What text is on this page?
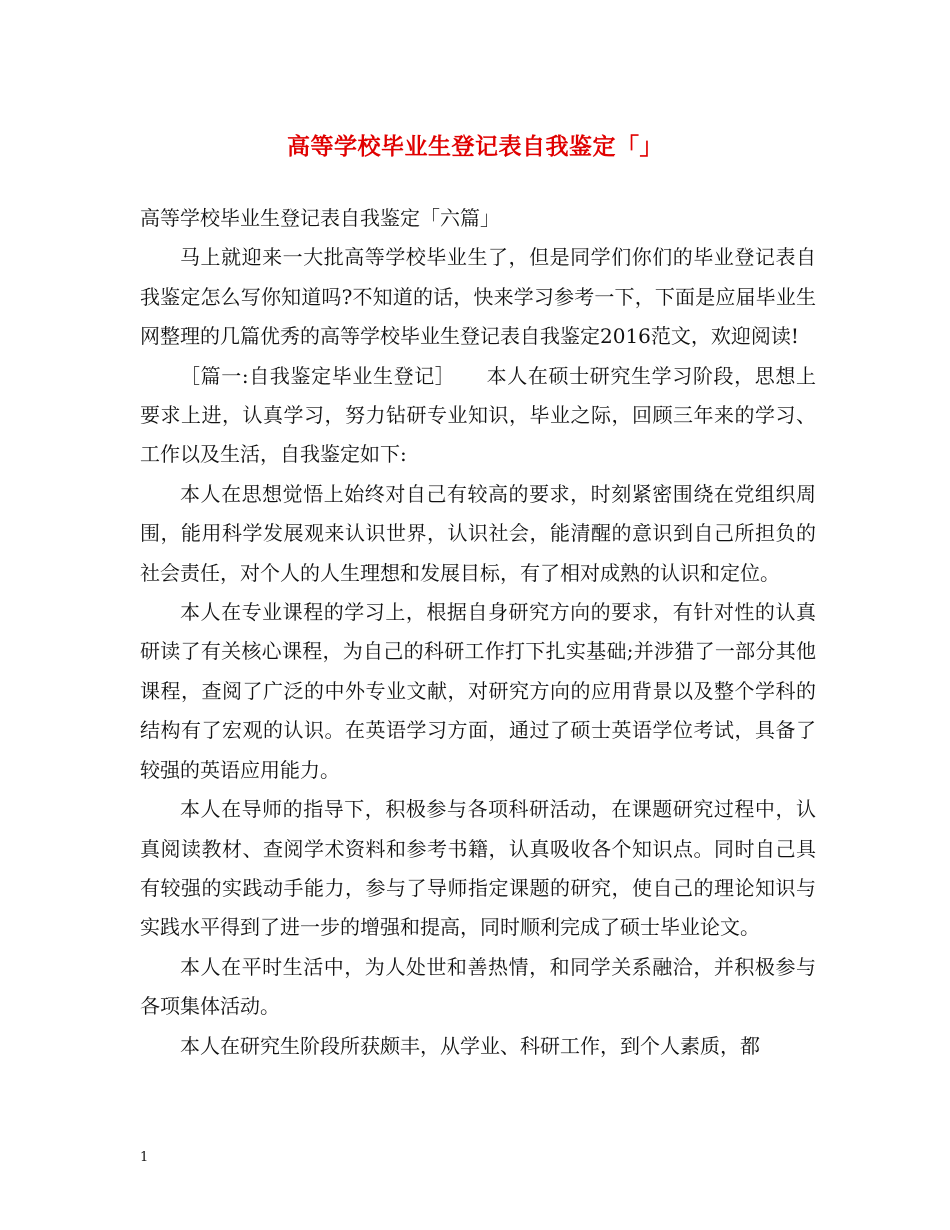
高等学校毕业生登记表自我鉴定「」

高等学校毕业生登记表自我鉴定「六篇」

马上就迎来一大批高等学校毕业生了，但是同学们你们的毕业登记表自我鉴定怎么写你知道吗?不知道的话，快来学习参考一下，下面是应届毕业生网整理的几篇优秀的高等学校毕业生登记表自我鉴定2016范文，欢迎阅读!

［篇一:自我鉴定毕业生登记］　　本人在硕士研究生学习阶段，思想上要求上进，认真学习，努力钻研专业知识，毕业之际，回顾三年来的学习、工作以及生活，自我鉴定如下:

本人在思想觉悟上始终对自己有较高的要求，时刻紧密围绕在党组织周围，能用科学发展观来认识世界，认识社会，能清醒的意识到自己所担负的社会责任，对个人的人生理想和发展目标，有了相对成熟的认识和定位。

本人在专业课程的学习上，根据自身研究方向的要求，有针对性的认真研读了有关核心课程，为自己的科研工作打下扎实基础;并涉猎了一部分其他课程，查阅了广泛的中外专业文献，对研究方向的应用背景以及整个学科的结构有了宏观的认识。在英语学习方面，通过了硕士英语学位考试，具备了较强的英语应用能力。

本人在导师的指导下，积极参与各项科研活动，在课题研究过程中，认真阅读教材、查阅学术资料和参考书籍，认真吸收各个知识点。同时自己具有较强的实践动手能力，参与了导师指定课题的研究，使自己的理论知识与实践水平得到了进一步的增强和提高，同时顺利完成了硕士毕业论文。

本人在平时生活中，为人处世和善热情，和同学关系融洽，并积极参与各项集体活动。

本人在研究生阶段所获颇丰，从学业、科研工作，到个人素质，都

1
